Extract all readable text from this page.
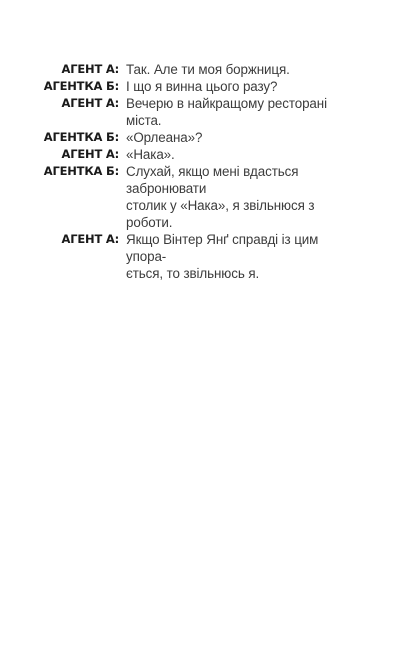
АГЕНТ А: Так. Але ти моя боржниця.
АГЕНТКА Б: І що я винна цього разу?
АГЕНТ А: Вечерю в найкращому ресторані міста.
АГЕНТКА Б: «Орлеана»?
АГЕНТ А: «Нака».
АГЕНТКА Б: Слухай, якщо мені вдасться забронювати
столик у «Нака», я звільнюся з роботи.
АГЕНТ А: Якщо Вінтер Янґ справді із цим упора-
ється, то звільнюсь я.
